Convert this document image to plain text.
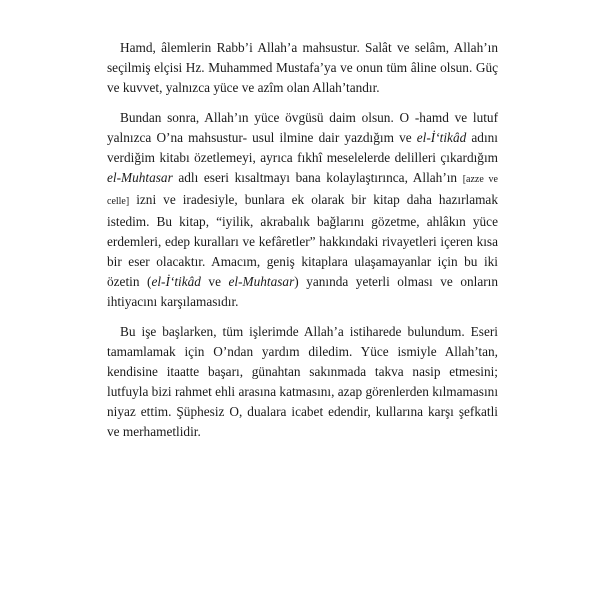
Hamd, âlemlerin Rabb’i Allah’a mahsustur. Salât ve selâm, Allah’ın seçilmiş elçisi Hz. Muhammed Mustafa’ya ve onun tüm âline olsun. Güç ve kuvvet, yalnızca yüce ve azîm olan Allah’tandır.

Bundan sonra, Allah’ın yüce övgüsü daim olsun. O -hamd ve lutuf yalnızca O’na mahsustur- usul ilmine dair yazdığım ve el-İ‘tikâd adını verdiğim kitabı özetlemeyi, ayrıca fıkhî meselelerde delilleri çıkardığım el-Muhtasar adlı eseri kısaltmayı bana kolaylaştırınca, Allah’ın [azze ve celle] izni ve iradesiyle, bunlara ek olarak bir kitap daha hazırlamak istedim. Bu kitap, “iyilik, akrabalık bağlarını gözetme, ahlâkın yüce erdemleri, edep kuralları ve kefâretler” hakkındaki rivayetleri içeren kısa bir eser olacaktır. Amacım, geniş kitaplara ulaşamayanlar için bu iki özetin (el-İ‘tikâd ve el-Muhtasar) yanında yeterli olması ve onların ihtiyacını karşılamasıdır.

Bu işe başlarken, tüm işlerimde Allah’a istiharede bulundum. Eseri tamamlamak için O’ndan yardım diledim. Yüce ismiyle Allah’tan, kendisine itaatte başarı, günahtan sakınmada takva nasip etmesini; lutfuyla bizi rahmet ehli arasına katmasını, azap görenlerden kılmamasını niyaz ettim. Şüphesiz O, dualara icabet edendir, kullarına karşı şefkatli ve merhametlidir.
